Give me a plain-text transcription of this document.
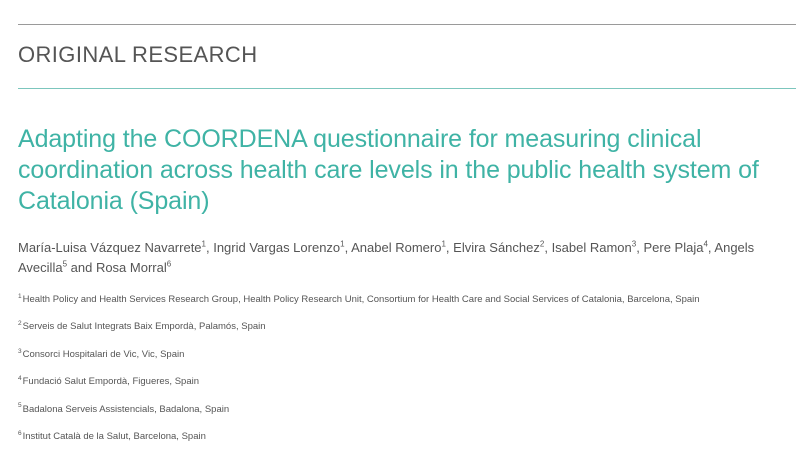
ORIGINAL RESEARCH
Adapting the COORDENA questionnaire for measuring clinical coordination across health care levels in the public health system of Catalonia (Spain)

María-Luisa Vázquez Navarrete$^1$, Ingrid Vargas Lorenzo$^1$, Anabel Romero$^1$, Elvira Sánchez$^2$, Isabel Ramon$^3$, Pere Plaja$^4$, Angels Avecilla$^5$ and Rosa Morral$^6$

$^1$Health Policy and Health Services Research Group, Health Policy Research Unit, Consortium for Health Care and Social Services of Catalonia, Barcelona, Spain
$^2$Serveis de Salut Integrats Baix Empordà, Palamós, Spain
$^3$Consorci Hospitalari de Vic, Vic, Spain
$^4$Fundació Salut Empordà, Figueres, Spain
$^5$Badalona Serveis Assistencials, Badalona, Spain
$^6$Institut Català de la Salut, Barcelona, Spain
